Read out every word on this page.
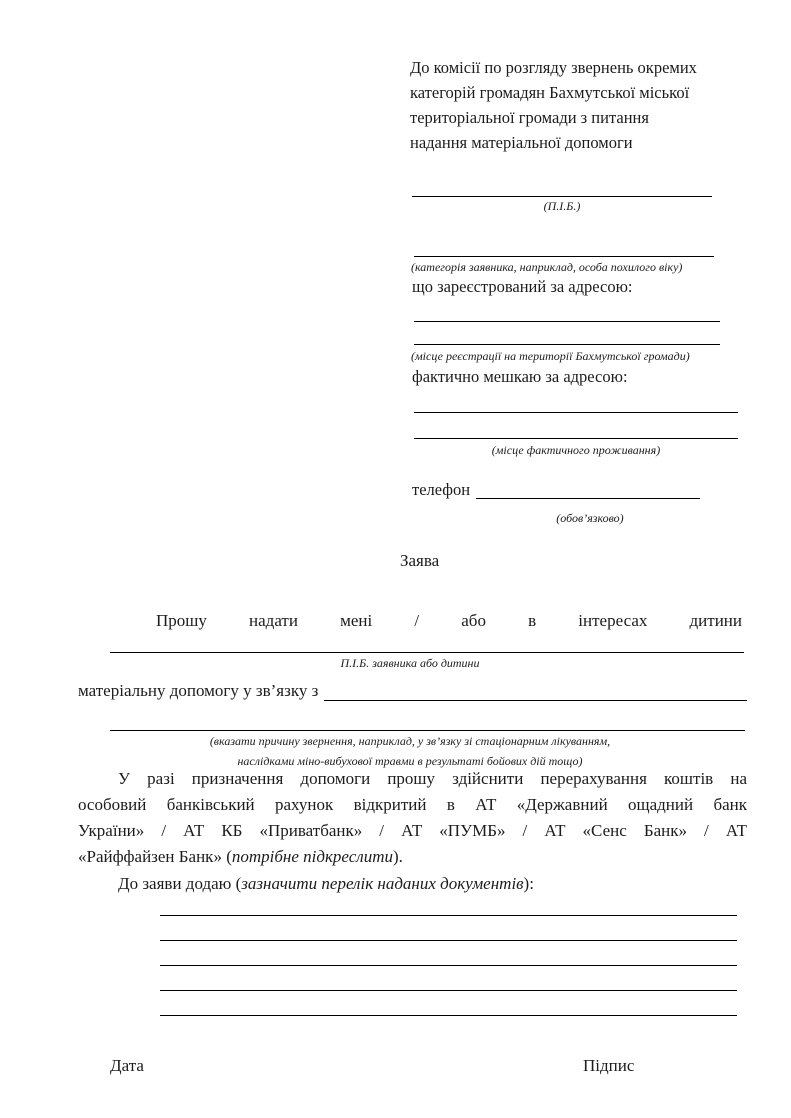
До комісії по розгляду звернень окремих
категорій громадян Бахмутської міської
територіальної громади з питання
надання матеріальної допомоги
(П.І.Б.)
(категорія заявника, наприклад, особа похилого віку)
що зареєстрований за адресою:
(місце реєстрації на території Бахмутської громади)
фактично мешкаю за адресою:
(місце фактичного проживання)
телефон
(обов’язково)
Заява
Прошу надати мені / або в інтересах дитини
П.І.Б. заявника або дитини
матеріальну допомогу у зв’язку з
(вказати причину звернення, наприклад, у зв’язку зі стаціонарним лікуванням,
наслідками міно-вибухової травми в результаті бойових дій тощо)
У разі призначення допомоги прошу здійснити перерахування коштів на
особовий банківський рахунок відкритий в АТ «Державний ощадний банк
України» / АТ КБ «Приватбанк» / АТ «ПУМБ» / АТ «Сенс Банк» / АТ
«Райффайзен Банк» (потрібне підкреслити).
До заяви додаю (зазначити перелік наданих документів):
Дата	Підпис
